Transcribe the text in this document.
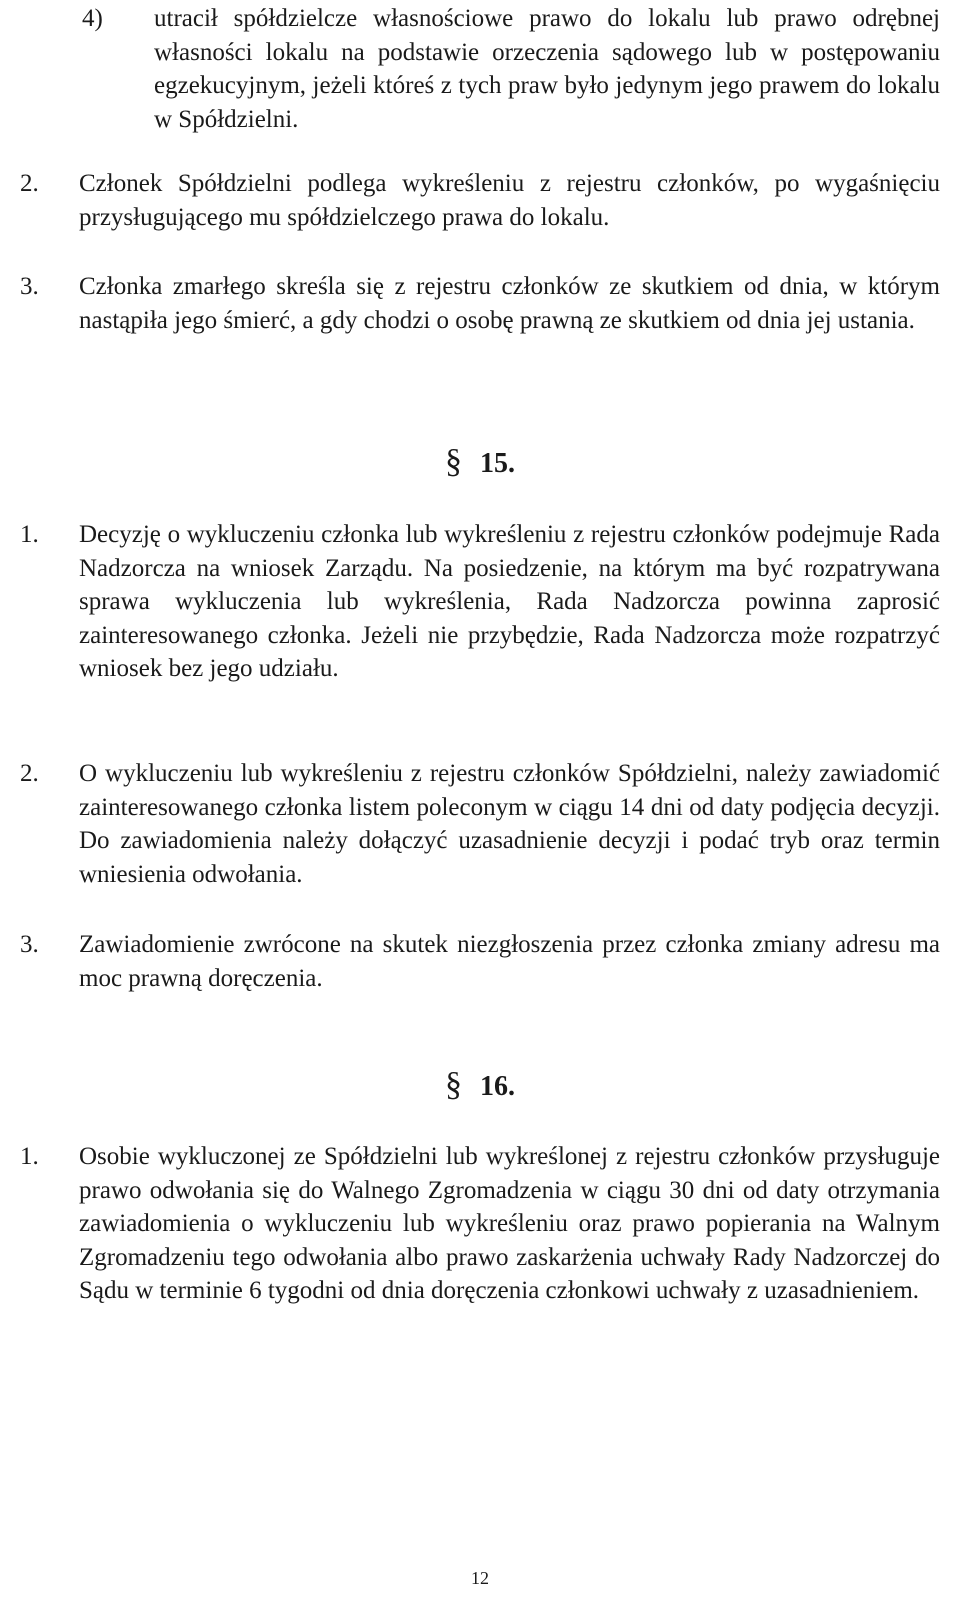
4) utracił spółdzielcze własnościowe prawo do lokalu lub prawo odrębnej własności lokalu na podstawie orzeczenia sądowego lub w postępowaniu egzekucyjnym, jeżeli któreś z tych praw było jedynym jego prawem do lokalu w Spółdzielni.
2. Członek Spółdzielni podlega wykreśleniu z rejestru członków, po wygaśnięciu przysługującego mu spółdzielczego prawa do lokalu.
3. Członka zmarłego skreśla się z rejestru członków ze skutkiem od dnia, w którym nastąpiła jego śmierć, a gdy chodzi o osobę prawną ze skutkiem od dnia jej ustania.
§ 15.
1. Decyzję o wykluczeniu członka lub wykreśleniu z rejestru członków podejmuje Rada Nadzorcza na wniosek Zarządu. Na posiedzenie, na którym ma być rozpatrywana sprawa wykluczenia lub wykreślenia, Rada Nadzorcza powinna zaprosić zainteresowanego członka. Jeżeli nie przybędzie, Rada Nadzorcza może rozpatrzyć wniosek bez jego udziału.
2. O wykluczeniu lub wykreśleniu z rejestru członków Spółdzielni, należy zawiadomić zainteresowanego członka listem poleconym w ciągu 14 dni od daty podjęcia decyzji. Do zawiadomienia należy dołączyć uzasadnienie decyzji i podać tryb oraz termin wniesienia odwołania.
3. Zawiadomienie zwrócone na skutek niezgłoszenia przez członka zmiany adresu ma moc prawną doręczenia.
§ 16.
1. Osobie wykluczonej ze Spółdzielni lub wykreślonej z rejestru członków przysługuje prawo odwołania się do Walnego Zgromadzenia w ciągu 30 dni od daty otrzymania zawiadomienia o wykluczeniu lub wykreśleniu oraz prawo popierania na Walnym Zgromadzeniu tego odwołania albo prawo zaskarżenia uchwały Rady Nadzorczej do Sądu w terminie 6 tygodni od dnia doręczenia członkowi uchwały z uzasadnieniem.
12
